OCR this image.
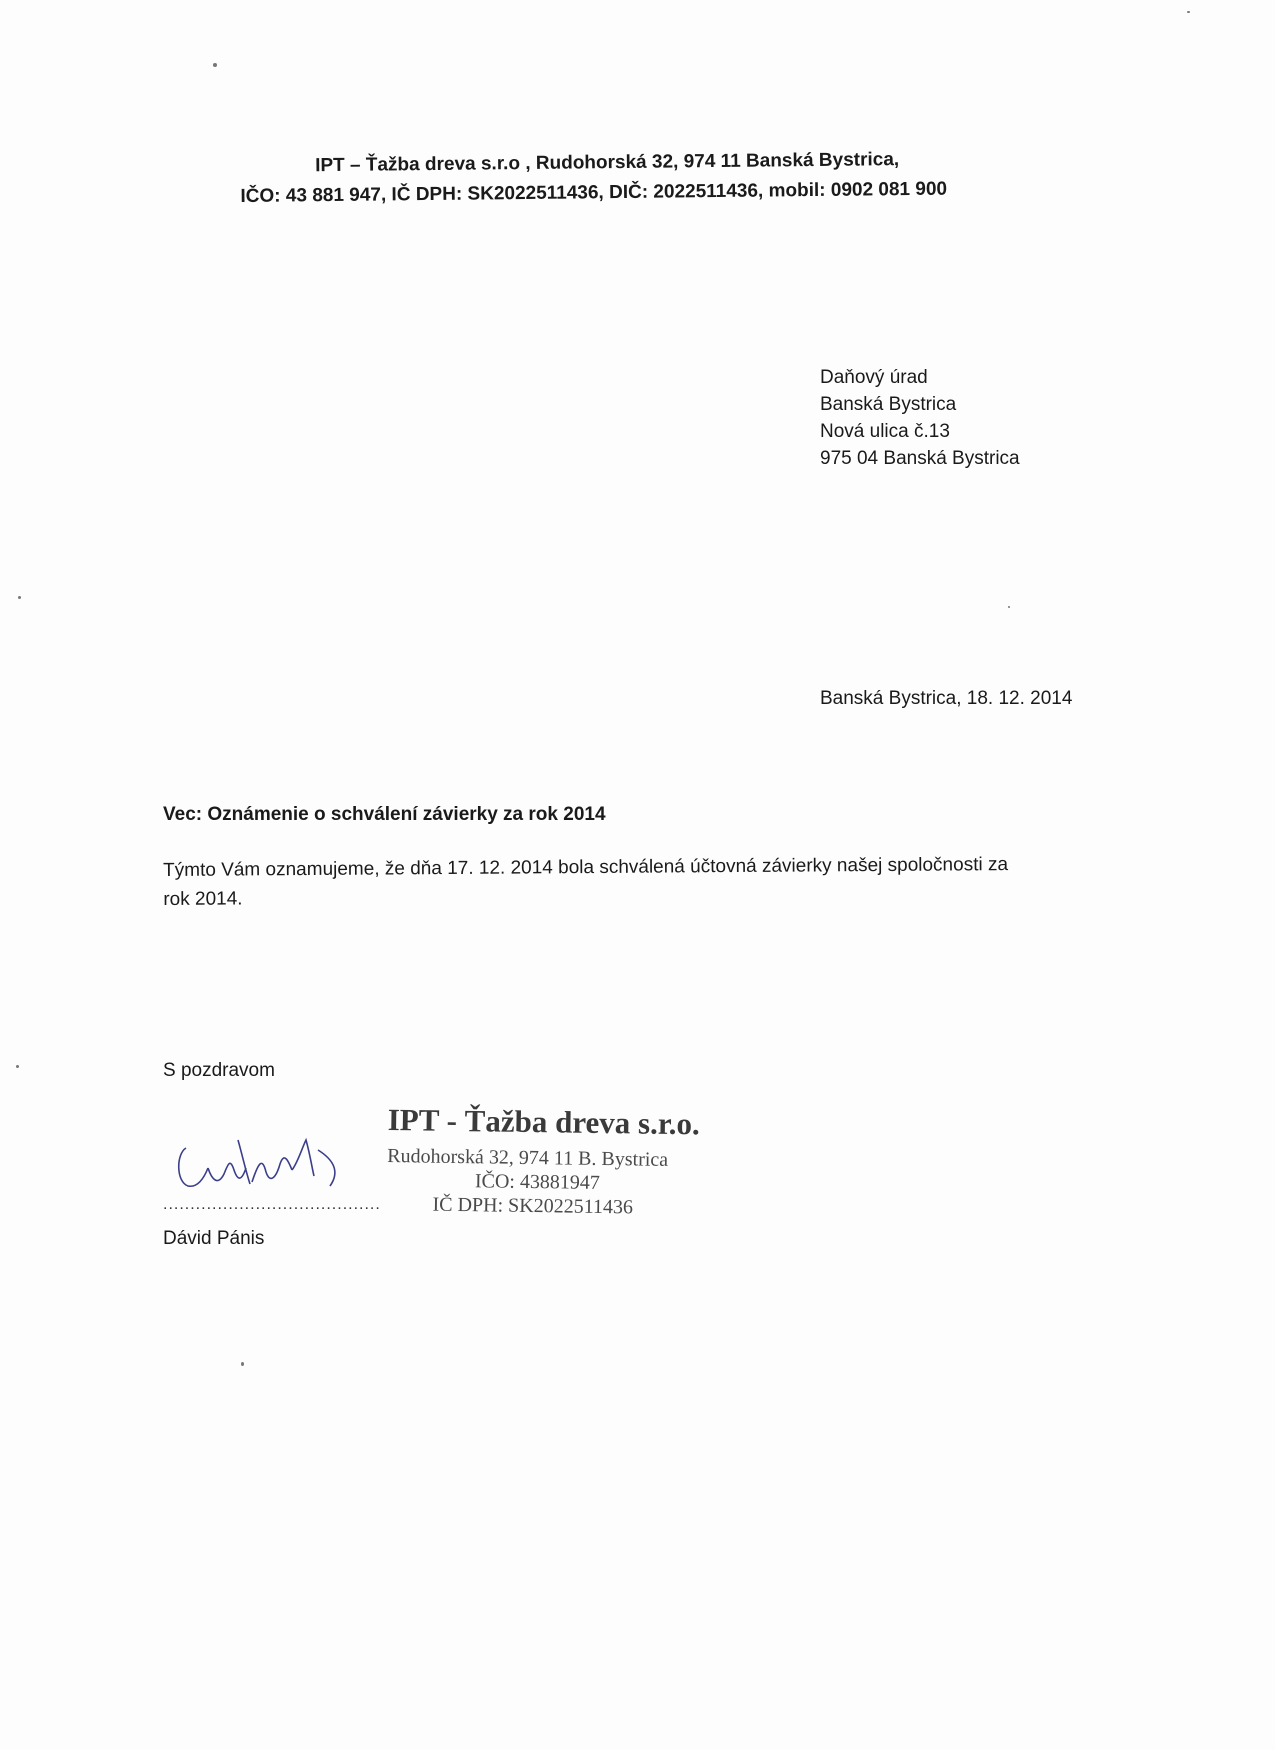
IPT – Ťažba dreva s.r.o , Rudohorská 32, 974 11 Banská Bystrica,
IČO: 43 881 947, IČ DPH: SK2022511436, DIČ: 2022511436, mobil: 0902 081 900
Daňový úrad
Banská Bystrica
Nová ulica č.13
975 04 Banská Bystrica
Banská Bystrica, 18. 12. 2014
Vec: Oznámenie o schválení závierky za rok 2014
Týmto Vám oznamujeme, že dňa 17. 12. 2014 bola schválená účtovná závierky našej spoločnosti za
rok 2014.
S pozdravom
........................................
Dávid Pánis
IPT - Ťažba dreva s.r.o.
Rudohorská 32, 974 11 B. Bystrica
IČO: 43881947
IČ DPH: SK2022511436
